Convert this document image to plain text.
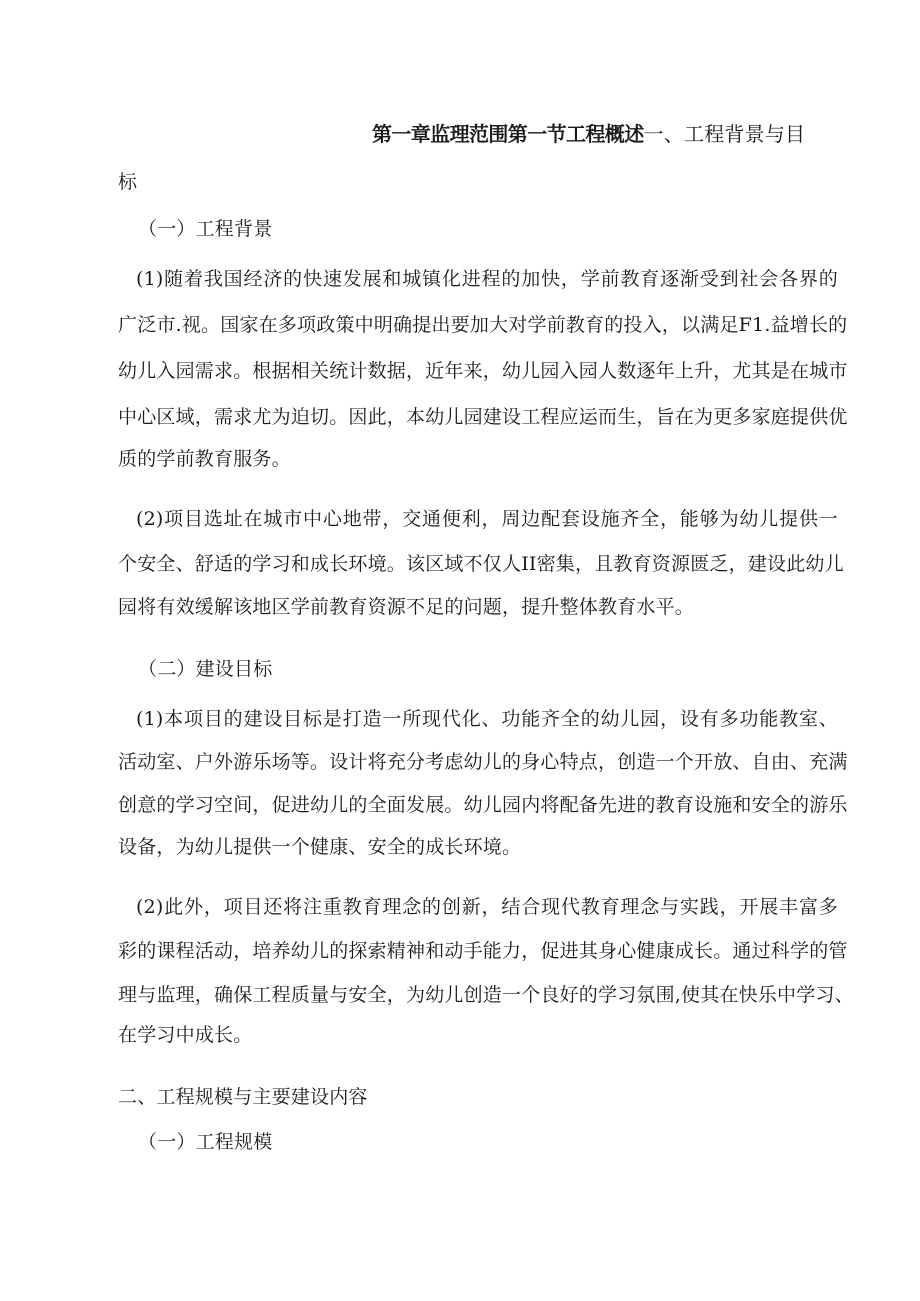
第一章监理范围第一节工程概述一、工程背景与目
标
（一）工程背景
(1)随着我国经济的快速发展和城镇化进程的加快，学前教育逐渐受到社会各界的
广泛市.视。国家在多项政策中明确提出要加大对学前教育的投入，以满足F1.益增长的
幼儿入园需求。根据相关统计数据，近年来，幼儿园入园人数逐年上升，尤其是在城市
中心区域，需求尤为迫切。因此，本幼儿园建设工程应运而生，旨在为更多家庭提供优
质的学前教育服务。
(2)项目选址在城市中心地带，交通便利，周边配套设施齐全，能够为幼儿提供一
个安全、舒适的学习和成长环境。该区域不仅人II密集，且教育资源匮乏，建设此幼儿
园将有效缓解该地区学前教育资源不足的问题，提升整体教育水平。
（二）建设目标
(1)本项目的建设目标是打造一所现代化、功能齐全的幼儿园，设有多功能教室、
活动室、户外游乐场等。设计将充分考虑幼儿的身心特点，创造一个开放、自由、充满
创意的学习空间，促进幼儿的全面发展。幼儿园内将配备先进的教育设施和安全的游乐
设备，为幼儿提供一个健康、安全的成长环境。
(2)此外，项目还将注重教育理念的创新，结合现代教育理念与实践，开展丰富多
彩的课程活动，培养幼儿的探索精神和动手能力，促进其身心健康成长。通过科学的管
理与监理，确保工程质量与安全，为幼儿创造一个良好的学习氛围,使其在快乐中学习、
在学习中成长。
二、工程规模与主要建设内容
（一）工程规模
